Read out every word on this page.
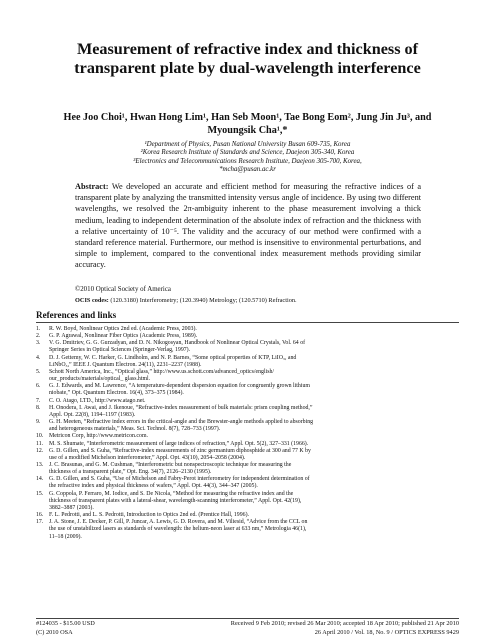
Measurement of refractive index and thickness of transparent plate by dual-wavelength interference
Hee Joo Choi¹, Hwan Hong Lim¹, Han Seb Moon¹, Tae Bong Eom², Jung Jin Ju³, and Myoungsik Cha¹,*
¹Department of Physics, Pusan National University Busan 609-735, Korea
²Korea Research Institute of Standards and Science, Daejeon 305-340, Korea
³Electronics and Telecommunications Research Institute, Daejeon 305-700, Korea,
*mcha@pusan.ac.kr
Abstract: We developed an accurate and efficient method for measuring the refractive indices of a transparent plate by analyzing the transmitted intensity versus angle of incidence. By using two different wavelengths, we resolved the 2π-ambiguity inherent to the phase measurement involving a thick medium, leading to independent determination of the absolute index of refraction and the thickness with a relative uncertainty of 10⁻⁵. The validity and the accuracy of our method were confirmed with a standard reference material. Furthermore, our method is insensitive to environmental perturbations, and simple to implement, compared to the conventional index measurement methods providing similar accuracy.
©2010 Optical Society of America
OCIS codes: (120.3180) Interferometry; (120.3940) Metrology; (120.5710) Refraction.
References and links
1. R. W. Boyd, Nonlinear Optics 2nd ed. (Academic Press, 2003).
2. G. P. Agrawal, Nonlinear Fiber Optics (Academic Press, 1989).
3. V. G. Dmitriev, G. G. Gurzadyan, and D. N. Nikogosyan, Handbook of Nonlinear Optical Crystals, Vol. 64 of
Springer Series in Optical Sciences (Springer-Verlag, 1997).
4. D. J. Gettemy, W. C. Harker, G. Lindholm, and N. P. Barnes, “Some optical properties of KTP, LiIO₃, and
LiNbO₃,” IEEE J. Quantum Electron. 24(11), 2231–2237 (1988).
5. Schott North America, Inc., “Optical glass,” http://www.us.schott.com/advanced_optics/english/
our_products/materials/optical_ glass.html.
6. G. J. Edwards, and M. Lawrence, “A temperature-dependent dispersion equation for congruently grown lithium
niobate,” Opt. Quantum Electron. 16(4), 373–375 (1984).
7. C. O. Atago, LTD., http://www.atago.net.
8. H. Onodera, I. Awai, and J. Ikenoue, “Refractive-index measurement of bulk materials: prism coupling method,”
Appl. Opt. 22(8), 1194–1197 (1983).
9. G. H. Meeten, “Refractive index errors in the critical-angle and the Brewster-angle methods applied to absorbing
and heterogeneous materials,” Meas. Sci. Technol. 8(7), 728–733 (1997).
10. Metricon Corp, http://www.metricon.com.
11. M. S. Shumate, “Interferometric measurement of large indices of refraction,” Appl. Opt. 5(2), 327–331 (1966).
12. G. D. Gillen, and S. Guha, “Refractive-index measurements of zinc germanium diphosphide at 300 and 77 K by
use of a modified Michelson interferometer,” Appl. Opt. 43(10), 2054–2058 (2004).
13. J. C. Brasunas, and G. M. Cushman, “Interferometric but nonspectroscopic technique for measuring the
thickness of a transparent plate,” Opt. Eng. 34(7), 2126–2130 (1995).
14. G. D. Gillen, and S. Guha, “Use of Michelson and Fabry-Perot interferometry for independent determination of
the refractive index and physical thickness of wafers,” Appl. Opt. 44(3), 344–347 (2005).
15. G. Coppola, P. Ferraro, M. Iodice, and S. De Nicola, “Method for measuring the refractive index and the
thickness of transparent plates with a lateral-shear, wavelength-scanning interferometer,” Appl. Opt. 42(19),
3882–3887 (2003).
16. F. L. Pedrotti, and L. S. Pedrotti, Introduction to Optics 2nd ed. (Prentice Hall, 1996).
17. J. A. Stone, J. E. Decker, P. Gill, P. Juncar, A. Lewis, G. D. Rovera, and M. Viliesid, “Advice from the CCL on
the use of unstabilized lasers as standards of wavelength: the helium-neon laser at 633 nm,” Metrologia 46(1),
11–18 (2009).
#124035 - $15.00 USD	Received 9 Feb 2010; revised 26 Mar 2010; accepted 18 Apr 2010; published 21 Apr 2010
(C) 2010 OSA	26 April 2010 / Vol. 18, No. 9 / OPTICS EXPRESS 9429
